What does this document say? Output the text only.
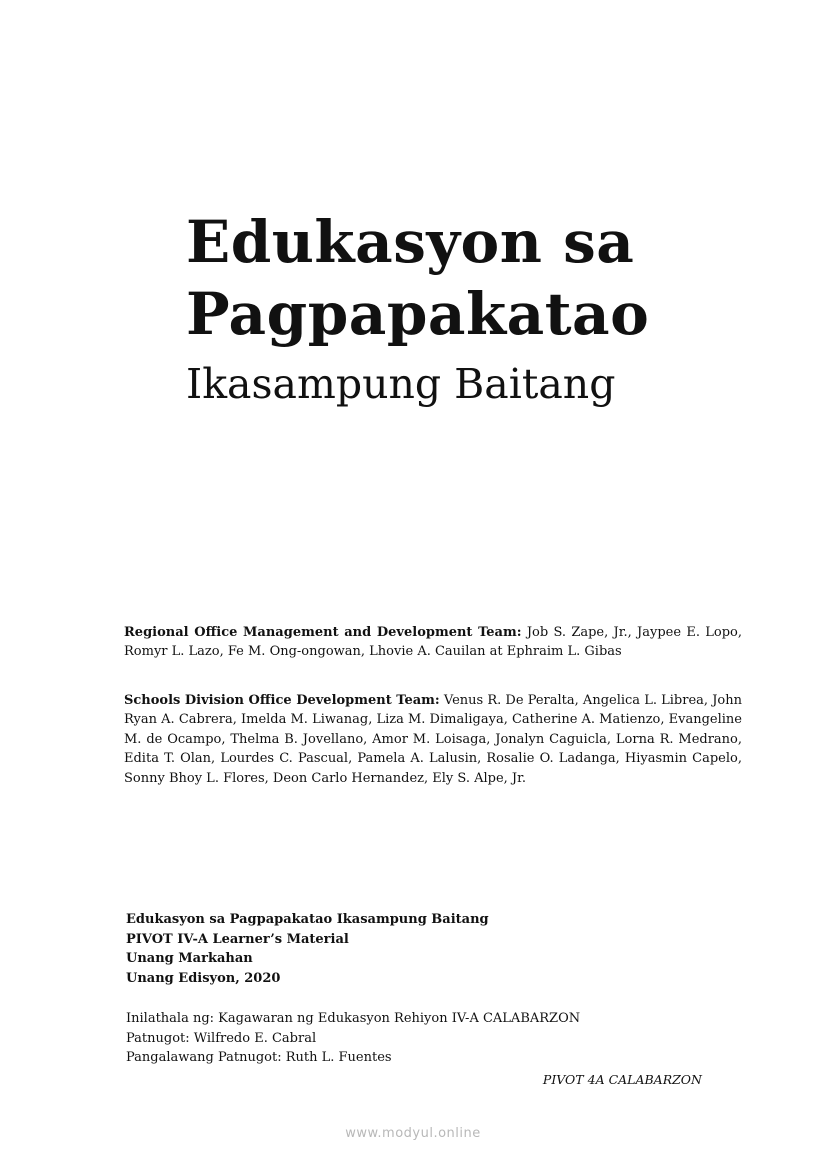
Edukasyon sa
Pagpapakatao
Ikasampung Baitang
Regional Office Management and Development Team: Job S. Zape, Jr., Jaypee E. Lopo, Romyr L. Lazo, Fe M. Ong-ongowan, Lhovie A. Cauilan at Ephraim L. Gibas
Schools Division Office Development Team: Venus R. De Peralta, Angelica L. Librea, John Ryan A. Cabrera, Imelda M. Liwanag, Liza M. Dimaligaya, Catherine A. Matienzo, Evangeline M. de Ocampo, Thelma B. Jovellano, Amor M. Loisaga, Jonalyn Caguicla, Lorna R. Medrano, Edita T. Olan, Lourdes C. Pascual, Pamela A. Lalusin, Rosalie O. Ladanga, Hiyasmin Capelo, Sonny Bhoy L. Flores, Deon Carlo Hernandez, Ely S. Alpe, Jr.
Edukasyon sa Pagpapakatao Ikasampung Baitang
PIVOT IV-A Learner’s Material
Unang Markahan
Unang Edisyon, 2020
Inilathala ng: Kagawaran ng Edukasyon Rehiyon IV-A CALABARZON
Patnugot: Wilfredo E. Cabral
Pangalawang Patnugot: Ruth L. Fuentes
PIVOT 4A CALABARZON
www.modyul.online
